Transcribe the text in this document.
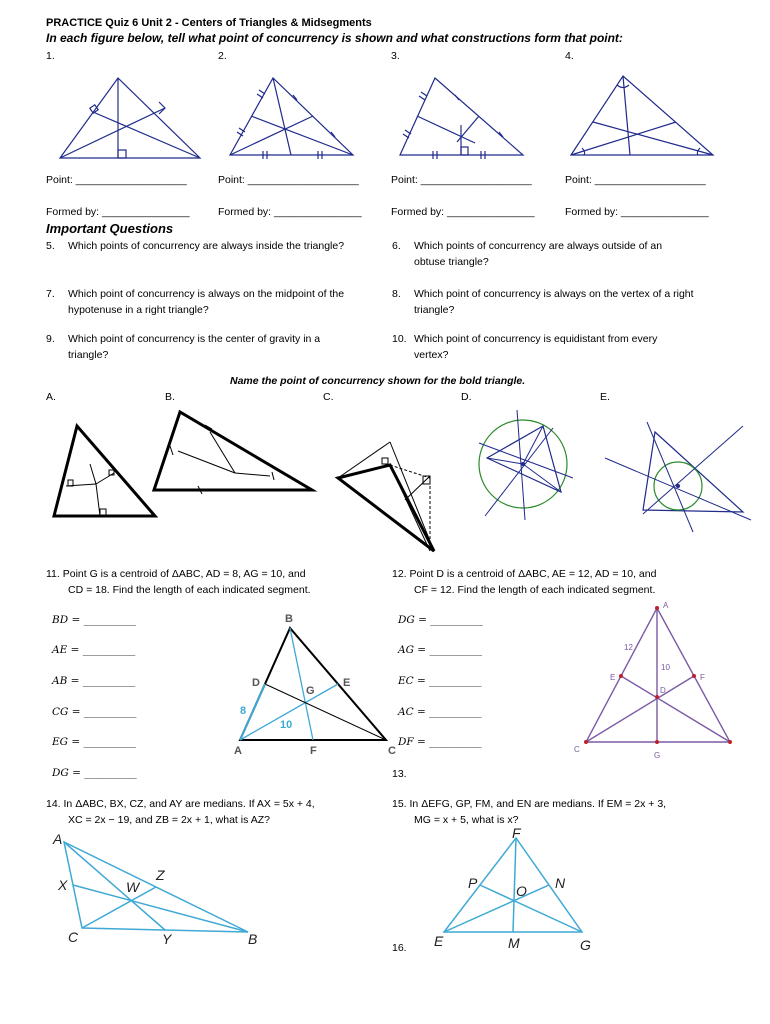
PRACTICE Quiz 6 Unit 2 - Centers of Triangles & Midsegments
In each figure below, tell what point of concurrency is shown and what constructions form that point:
1.	2.	3.	4.
Point: ___________________	Point: ___________________	Point: ___________________	Point: ___________________
Formed by: _______________	Formed by: _______________	Formed by: _______________	Formed by: _______________
Important Questions
5. Which points of concurrency are always inside the triangle?	6. Which points of concurrency are always outside of an
obtuse triangle?
7. Which point of concurrency is always on the midpoint of the
hypotenuse in a right triangle?
8. Which point of concurrency is always on the vertex of a right
triangle?
9. Which point of concurrency is the center of gravity in a
triangle?
10. Which point of concurrency is equidistant from every
vertex?
Name the point of concurrency shown for the bold triangle.
A.	B.	C.	D.	E.
11. Point G is a centroid of ΔABC, AD = 8, AG = 10, and
CD = 18. Find the length of each indicated segment.
BD = __________
AE = __________
AB = __________
CG = __________
EG = __________
DG = __________
B
D
G
E
A	F	C
8
10
12. Point D is a centroid of ΔABC, AE = 12, AD = 10, and
CF = 12. Find the length of each indicated segment.
DG = __________
AG = __________
EC = __________
AC = __________
DF = __________
A
E	F
D
C
G
12
10
13.
14. In ΔABC, BX, CZ, and AY are medians. If AX = 5x + 4,
XC = 2x − 19, and ZB = 2x + 1, what is AZ?
A
X	W
Z
C	Y	B
15. In ΔEFG, GP, FM, and EN are medians. If EM = 2x + 3,
MG = x + 5, what is x?
F
P	O N
E	M	G
16.
